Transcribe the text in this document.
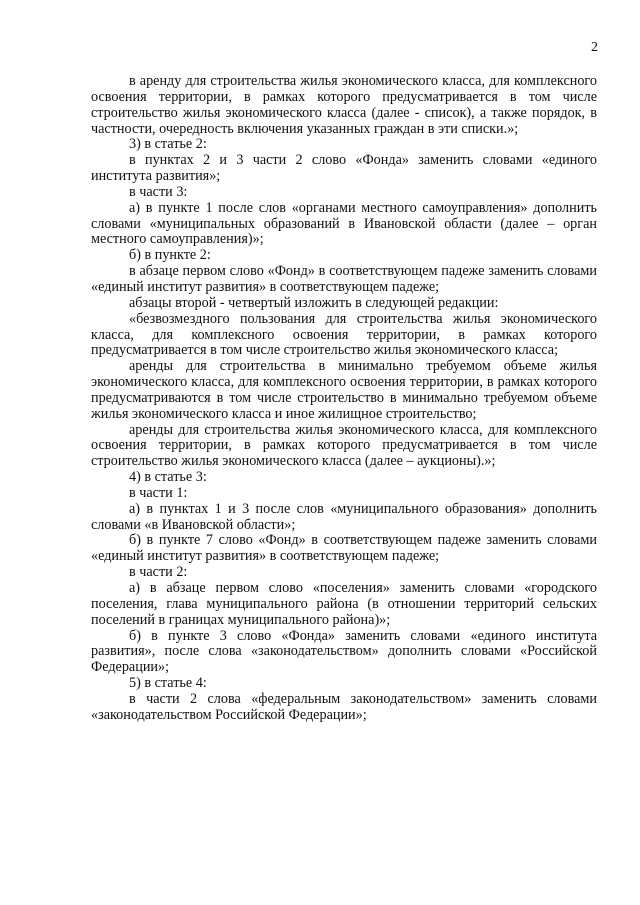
2

в аренду для строительства жилья экономического класса, для комплексного освоения территории, в рамках которого предусматривается в том числе строительство жилья экономического класса (далее - список), а также порядок, в частности, очередность включения указанных граждан в эти списки.»;

3) в статье 2:

в пунктах 2 и 3 части 2 слово «Фонда» заменить словами «единого института развития»;

в части 3:

а) в пункте 1 после слов «органами местного самоуправления» дополнить словами «муниципальных образований в Ивановской области (далее – орган местного самоуправления)»;

б) в пункте 2:

в абзаце первом слово «Фонд» в соответствующем падеже заменить словами «единый институт развития» в соответствующем падеже;

абзацы второй - четвертый изложить в следующей редакции:

«безвозмездного пользования для строительства жилья экономического класса, для комплексного освоения территории, в рамках которого предусматривается в том числе строительство жилья экономического класса;

аренды для строительства в минимально требуемом объеме жилья экономического класса, для комплексного освоения территории, в рамках которого предусматриваются в том числе строительство в минимально требуемом объеме жилья экономического класса и иное жилищное строительство;

аренды для строительства жилья экономического класса, для комплексного освоения территории, в рамках которого предусматривается в том числе строительство жилья экономического класса (далее – аукционы).»;

4) в статье 3:

в части 1:

а) в пунктах 1 и 3 после слов «муниципального образования» дополнить словами «в Ивановской области»;

б) в пункте 7 слово «Фонд» в соответствующем падеже заменить словами «единый институт развития» в соответствующем падеже;

в части 2:

а) в абзаце первом слово «поселения» заменить словами «городского поселения, глава муниципального района (в отношении территорий сельских поселений в границах муниципального района)»;

б) в пункте 3 слово «Фонда» заменить словами «единого института развития», после слова «законодательством» дополнить словами «Российской Федерации»;

5) в статье 4:

в части 2 слова «федеральным законодательством» заменить словами «законодательством Российской Федерации»;
